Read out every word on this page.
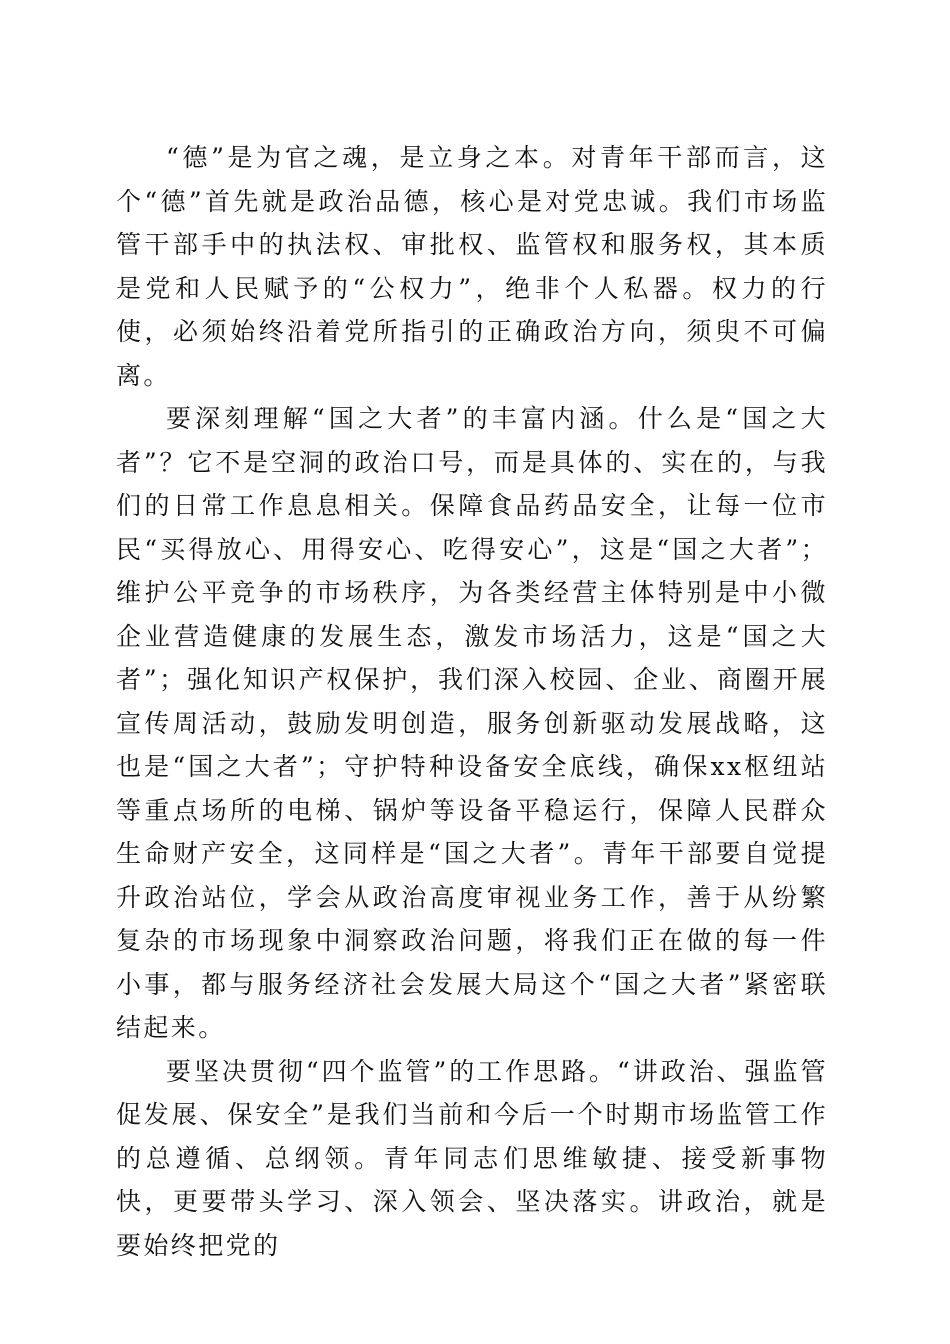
“德”是为官之魂，是立身之本。对青年干部而言，这个“德”首先就是政治品德，核心是对党忠诚。我们市场监管干部手中的执法权、审批权、监管权和服务权，其本质是党和人民赋予的“公权力”，绝非个人私器。权力的行使，必须始终沿着党所指引的正确政治方向，须臾不可偏离。

要深刻理解“国之大者”的丰富内涵。什么是“国之大者”？它不是空洞的政治口号，而是具体的、实在的，与我们的日常工作息息相关。保障食品药品安全，让每一位市民“买得放心、用得安心、吃得安心”，这是“国之大者”；维护公平竞争的市场秩序，为各类经营主体特别是中小微企业营造健康的发展生态，激发市场活力，这是“国之大者”；强化知识产权保护，我们深入校园、企业、商圈开展宣传周活动，鼓励发明创造，服务创新驱动发展战略，这也是“国之大者”；守护特种设备安全底线，确保xx枢纽站等重点场所的电梯、锅炉等设备平稳运行，保障人民群众生命财产安全，这同样是“国之大者”。青年干部要自觉提升政治站位，学会从政治高度审视业务工作，善于从纷繁复杂的市场现象中洞察政治问题，将我们正在做的每一件小事，都与服务经济社会发展大局这个“国之大者”紧密联结起来。

要坚决贯彻“四个监管”的工作思路。“讲政治、强监管促发展、保安全”是我们当前和今后一个时期市场监管工作的总遵循、总纲领。青年同志们思维敏捷、接受新事物快，更要带头学习、深入领会、坚决落实。讲政治，就是要始终把党的
